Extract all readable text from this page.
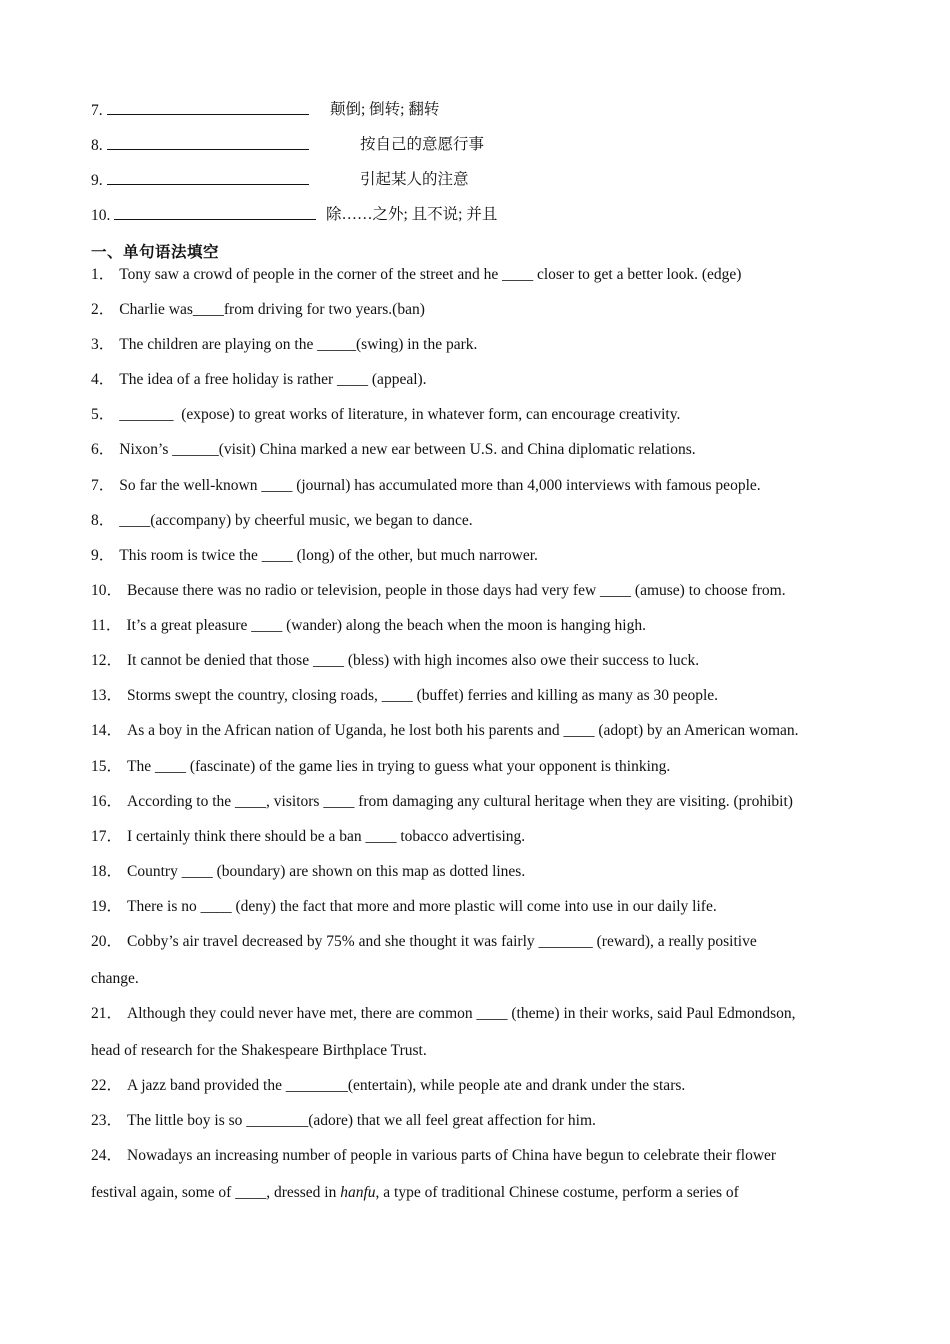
7.	颠倒; 倒转; 翻转
8.	按自己的意愿行事
9.	引起某人的注意
10.	除……之外; 且不说; 并且
一、单句语法填空
1． Tony saw a crowd of people in the corner of the street and he ____ closer to get a better look. (edge)
2． Charlie was____from driving for two years.(ban)
3． The children are playing on the _____(swing) in the park.
4． The idea of a free holiday is rather ____ (appeal).
5． _______  (expose) to great works of literature, in whatever form, can encourage creativity.
6． Nixon’s ______(visit) China marked a new ear between U.S. and China diplomatic relations.
7． So far the well-known ____ (journal) has accumulated more than 4,000 interviews with famous people.
8． ____(accompany) by cheerful music, we began to dance.
9． This room is twice the ____ (long) of the other, but much narrower.
10． Because there was no radio or television, people in those days had very few ____ (amuse) to choose from.
11． It’s a great pleasure ____ (wander) along the beach when the moon is hanging high.
12． It cannot be denied that those ____ (bless) with high incomes also owe their success to luck.
13． Storms swept the country, closing roads, ____ (buffet) ferries and killing as many as 30 people.
14． As a boy in the African nation of Uganda, he lost both his parents and ____ (adopt) by an American woman.
15． The ____ (fascinate) of the game lies in trying to guess what your opponent is thinking.
16． According to the ____, visitors ____ from damaging any cultural heritage when they are visiting. (prohibit)
17． I certainly think there should be a ban ____ tobacco advertising.
18． Country ____ (boundary) are shown on this map as dotted lines.
19． There is no ____ (deny) the fact that more and more plastic will come into use in our daily life.
20． Cobby’s air travel decreased by 75% and she thought it was fairly _______ (reward), a really positive
change.
21． Although they could never have met, there are common ____ (theme) in their works, said Paul Edmondson,
head of research for the Shakespeare Birthplace Trust.
22． A jazz band provided the ________(entertain), while people ate and drank under the stars.
23． The little boy is so ________(adore) that we all feel great affection for him.
24． Nowadays an increasing number of people in various parts of China have begun to celebrate their flower
festival again, some of ____, dressed in hanfu, a type of traditional Chinese costume, perform a series of
